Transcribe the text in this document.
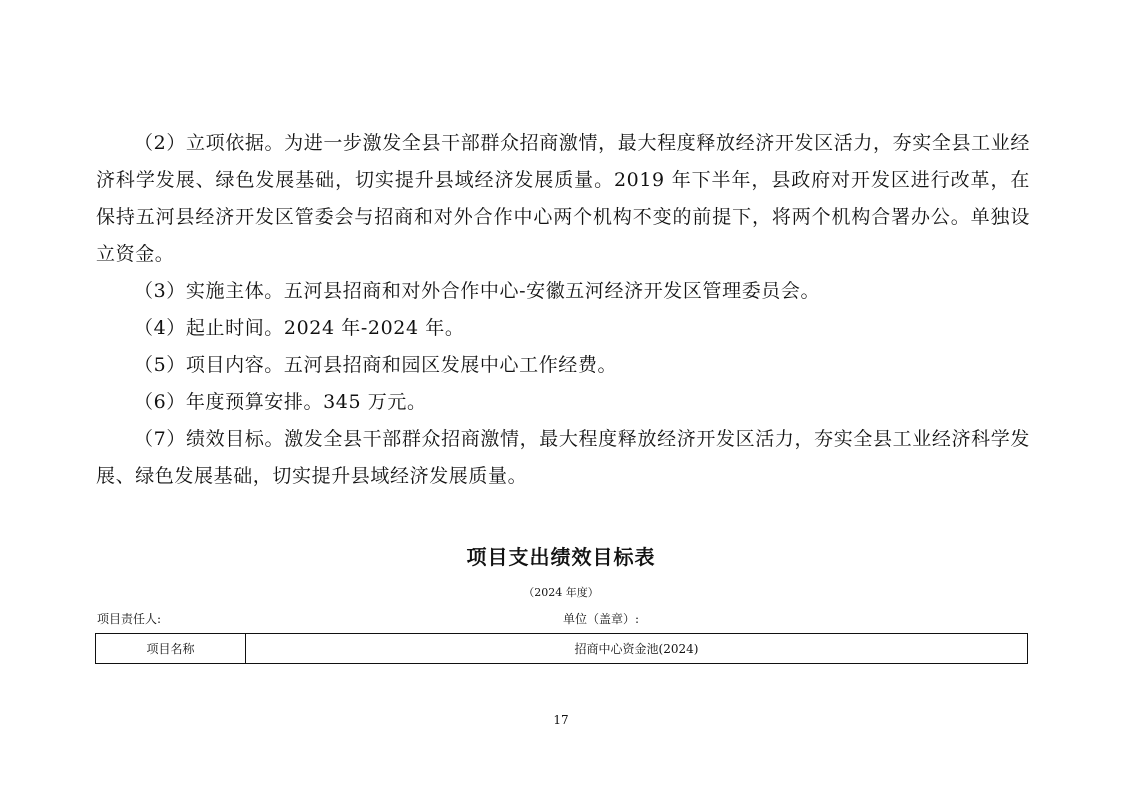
（2）立项依据。为进一步激发全县干部群众招商激情，最大程度释放经济开发区活力，夯实全县工业经济科学发展、绿色发展基础，切实提升县域经济发展质量。2019 年下半年，县政府对开发区进行改革，在保持五河县经济开发区管委会与招商和对外合作中心两个机构不变的前提下，将两个机构合署办公。单独设立资金。

（3）实施主体。五河县招商和对外合作中心-安徽五河经济开发区管理委员会。

（4）起止时间。2024 年-2024 年。

（5）项目内容。五河县招商和园区发展中心工作经费。

（6）年度预算安排。345 万元。

（7）绩效目标。激发全县干部群众招商激情，最大程度释放经济开发区活力，夯实全县工业经济科学发展、绿色发展基础，切实提升县域经济发展质量。

项目支出绩效目标表
（2024 年度）
项目责任人:	单位（盖章）:
项目名称	招商中心资金池(2024)
17
